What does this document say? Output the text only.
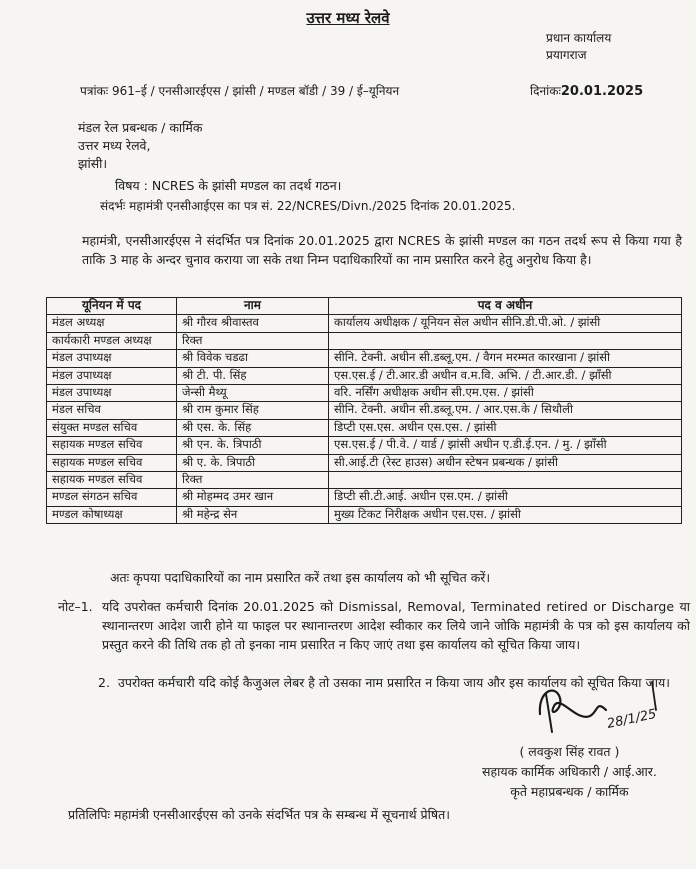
उत्तर मध्य रेलवे
प्रधान कार्यालय
प्रयागराज
पत्रांकः 961–ई / एनसीआरईएस / झांसी / मण्डल बॉडी / 39 / ई–यूनियन	दिनांकः20.01.2025
मंडल रेल प्रबन्धक / कार्मिक
उत्तर मध्य रेलवे,
झांसी।
विषय : NCRES के झांसी मण्डल का तदर्थ गठन।
संदर्भः महामंत्री एनसीआईएस का पत्र सं. 22/NCRES/Divn./2025 दिनांक 20.01.2025.
महामंत्री, एनसीआरईएस ने संदर्भित पत्र दिनांक 20.01.2025 द्वारा NCRES के झांसी मण्डल का गठन तदर्थ रूप से किया गया है ताकि 3 माह के अन्दर चुनाव कराया जा सके तथा निम्न पदाधिकारियों का नाम प्रसारित करने हेतु अनुरोध किया है।
यूनियन में पद	नाम	पद व अधीन
मंडल अध्यक्ष	श्री गौरव श्रीवास्तव	कार्यालय अधीक्षक / यूनियन सेल अधीन सीनि.डी.पी.ओ. / झांसी
कार्यकारी मण्डल अध्यक्ष	रिक्त	
मंडल उपाध्यक्ष	श्री विवेक चडढा	सीनि. टेक्नी. अधीन सी.डब्लू.एम. / वैगन मरम्मत कारखाना / झांसी
मंडल उपाध्यक्ष	श्री टी. पी. सिंह	एस.एस.ई / टी.आर.डी अधीन व.म.वि. अभि. / टी.आर.डी. / झाँसी
मंडल उपाध्यक्ष	जेन्सी मैथ्यू	वरि. नर्सिंग अधीक्षक अधीन सी.एम.एस. / झांसी
मंडल सचिव	श्री राम कुमार सिंह	सीनि. टेक्नी. अधीन सी.डब्लू.एम. / आर.एस.के / सिथौली
संयुक्त मण्डल सचिव	श्री एस. के. सिंह	डिप्टी एस.एस. अधीन एस.एस. / झांसी
सहायक मण्डल सचिव	श्री एन. के. त्रिपाठी	एस.एस.ई / पी.वे. / यार्ड / झांसी अधीन ए.डी.ई.एन. / मु. / झाँसी
सहायक मण्डल सचिव	श्री ए. के. त्रिपाठी	सी.आई.टी (रेस्ट हाउस) अधीन स्टेषन प्रबन्धक / झांसी
सहायक मण्डल सचिव	रिक्त	
मण्डल संगठन सचिव	श्री मोहम्मद उमर खान	डिप्टी सी.टी.आई. अधीन एस.एम. / झांसी
मण्डल कोषाध्यक्ष	श्री महेन्द्र सेन	मुख्य टिकट निरीक्षक अधीन एस.एस. / झांसी
अतः कृपया पदाधिकारियों का नाम प्रसारित करें तथा इस कार्यालय को भी सूचित करें।
नोट–1. यदि उपरोक्त कर्मचारी दिनांक 20.01.2025 को Dismissal, Removal, Terminated retired or Discharge या स्थानान्तरण आदेश जारी होने या फाइल पर स्थानान्तरण आदेश स्वीकार कर लिये जाने जोकि महामंत्री के पत्र को इस कार्यालय को प्रस्तुत करने की तिथि तक हो तो इनका नाम प्रसारित न किए जाएं तथा इस कार्यालय को सूचित किया जाय।
2. उपरोक्त कर्मचारी यदि कोई कैजुअल लेबर है तो उसका नाम प्रसारित न किया जाय और इस कार्यालय को सूचित किया जाय।
28/1/25
( लवकुश सिंह रावत )
सहायक कार्मिक अधिकारी / आई.आर.
कृते महाप्रबन्धक / कार्मिक
प्रतिलिपिः महामंत्री एनसीआरईएस को उनके संदर्भित पत्र के सम्बन्ध में सूचनार्थ प्रेषित।
